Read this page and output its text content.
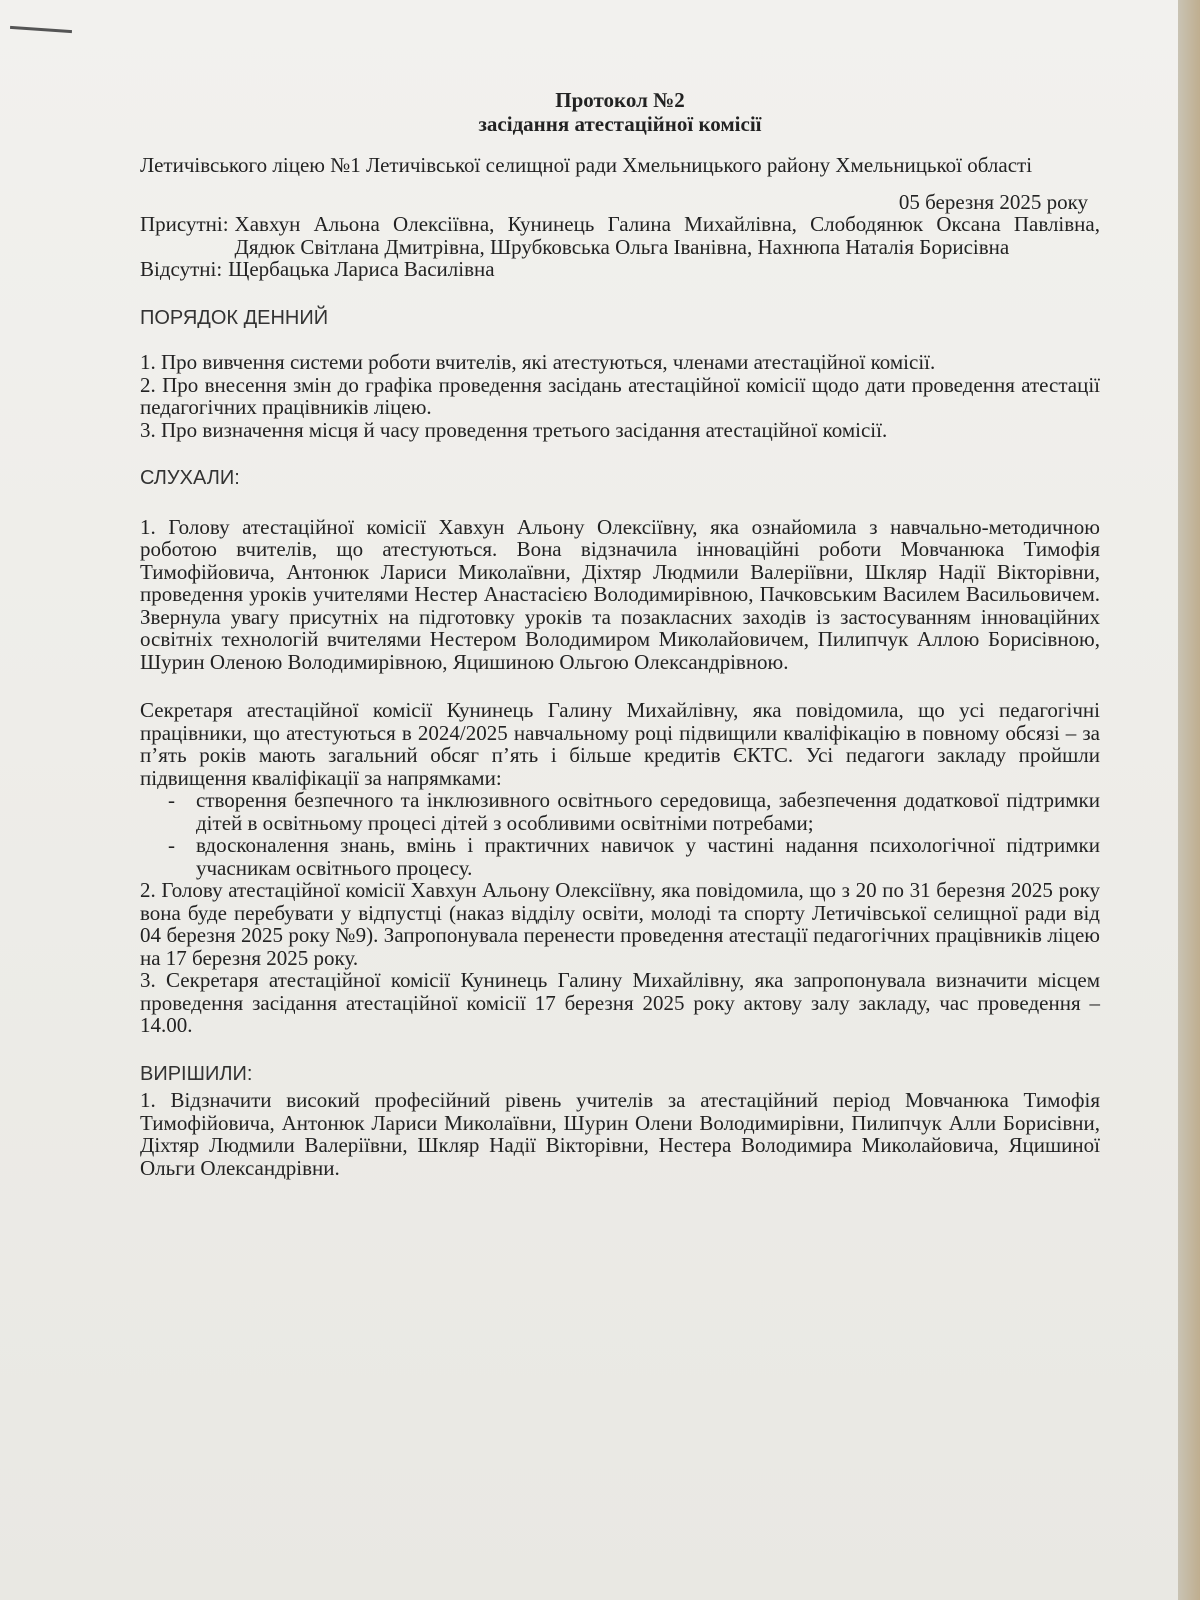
Протокол №2
засідання атестаційної комісії
Летичівського ліцею №1 Летичівської селищної ради Хмельницького району Хмельницької області
05 березня 2025 року
Присутні: Хавхун Альона Олексіївна, Кунинець Галина Михайлівна, Слободянюк Оксана Павлівна, Дядюк Світлана Дмитрівна, Шрубковська Ольга Іванівна, Нахнюпа Наталія Борисівна
Відсутні: Щербацька Лариса Василівна
ПОРЯДОК ДЕННИЙ

1. Про вивчення системи роботи вчителів, які атестуються, членами атестаційної комісії.

2. Про внесення змін до графіка проведення засідань атестаційної комісії щодо дати проведення атестації педагогічних працівників ліцею.

3. Про визначення місця й часу проведення третього засідання атестаційної комісії.

СЛУХАЛИ:

1. Голову атестаційної комісії Хавхун Альону Олексіївну, яка ознайомила з навчально-методичною роботою вчителів, що атестуються. Вона відзначила інноваційні роботи Мовчанюка Тимофія Тимофійовича, Антонюк Лариси Миколаївни, Діхтяр Людмили Валеріївни, Шкляр Надії Вікторівни, проведення уроків учителями Нестер Анастасією Володимирівною, Пачковським Василем Васильовичем. Звернула увагу присутніх на підготовку уроків та позакласних заходів із застосуванням інноваційних освітніх технологій вчителями Нестером Володимиром Миколайовичем, Пилипчук Аллою Борисівною, Шурин Оленою Володимирівною, Яцишиною Ольгою Олександрівною.

Секретаря атестаційної комісії Кунинець Галину Михайлівну, яка повідомила, що усі педагогічні працівники, що атестуються в 2024/2025 навчальному році підвищили кваліфікацію в повному обсязі – за п’ять років мають загальний обсяг п’ять і більше кредитів ЄКТС. Усі педагоги закладу пройшли підвищення кваліфікації за напрямками:

-	створення безпечного та інклюзивного освітнього середовища, забезпечення додаткової підтримки дітей в освітньому процесі дітей з особливими освітніми потребами;
-	вдосконалення знань, вмінь і практичних навичок у частині надання психологічної підтримки учасникам освітнього процесу.

2. Голову атестаційної комісії Хавхун Альону Олексіївну, яка повідомила, що з 20 по 31 березня 2025 року вона буде перебувати у відпустці (наказ відділу освіти, молоді та спорту Летичівської селищної ради від 04 березня 2025 року №9). Запропонувала перенести проведення атестації педагогічних працівників ліцею на 17 березня 2025 року.

3. Секретаря атестаційної комісії Кунинець Галину Михайлівну, яка запропонувала визначити місцем проведення засідання атестаційної комісії 17 березня 2025 року актову залу закладу, час проведення – 14.00.

ВИРІШИЛИ:

1. Відзначити високий професійний рівень учителів за атестаційний період Мовчанюка Тимофія Тимофійовича, Антонюк Лариси Миколаївни, Шурин Олени Володимирівни, Пилипчук Алли Борисівни, Діхтяр Людмили Валеріївни, Шкляр Надії Вікторівни, Нестера Володимира Миколайовича, Яцишиної Ольги Олександрівни.
